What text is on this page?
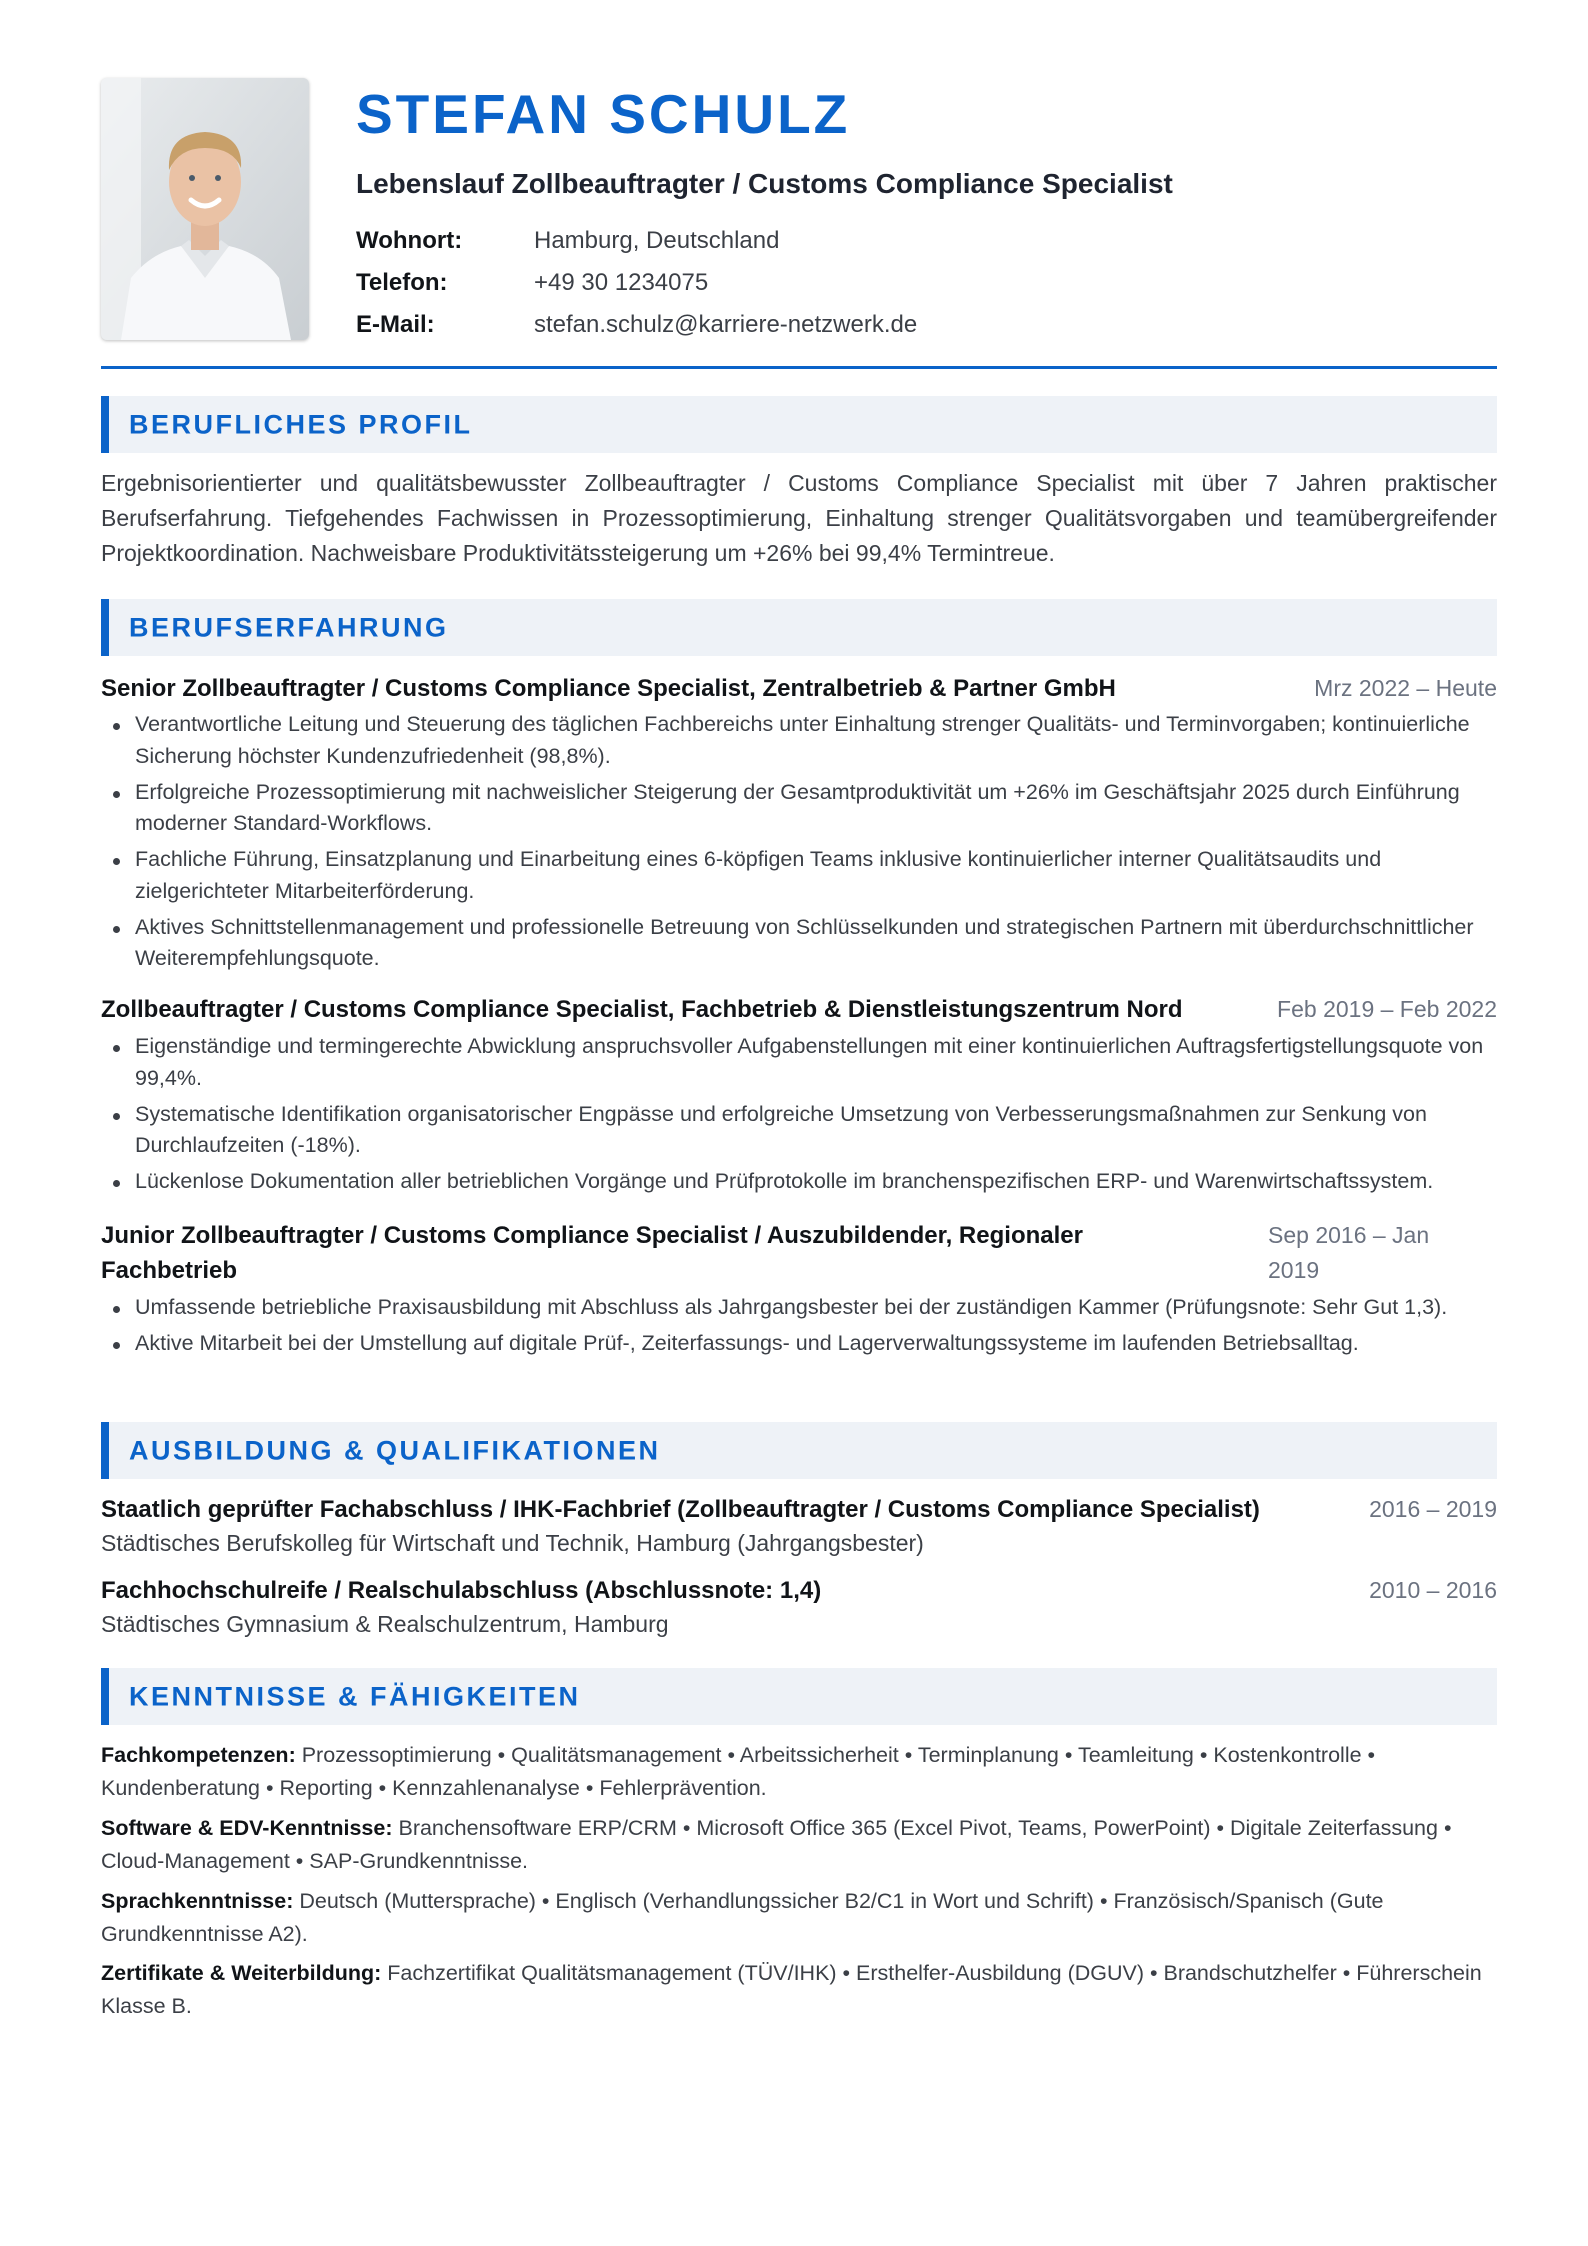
STEFAN SCHULZ
Lebenslauf Zollbeauftragter / Customs Compliance Specialist
Wohnort:	Hamburg, Deutschland
Telefon:	+49 30 1234075
E-Mail:	stefan.schulz@karriere-netzwerk.de
BERUFLICHES PROFIL

Ergebnisorientierter und qualitätsbewusster Zollbeauftragter / Customs Compliance Specialist mit über 7 Jahren praktischer Berufserfahrung. Tiefgehendes Fachwissen in Prozessoptimierung, Einhaltung strenger Qualitätsvorgaben und teamübergreifender Projektkoordination. Nachweisbare Produktivitätssteigerung um +26% bei 99,4% Termintreue.

BERUFSERFAHRUNG
Senior Zollbeauftragter / Customs Compliance Specialist, Zentralbetrieb & Partner GmbH	Mrz 2022 – Heute
Verantwortliche Leitung und Steuerung des täglichen Fachbereichs unter Einhaltung strenger Qualitäts- und Terminvorgaben; kontinuierliche Sicherung höchster Kundenzufriedenheit (98,8%).
Erfolgreiche Prozessoptimierung mit nachweislicher Steigerung der Gesamtproduktivität um +26% im Geschäftsjahr 2025 durch Einführung moderner Standard-Workflows.
Fachliche Führung, Einsatzplanung und Einarbeitung eines 6-köpfigen Teams inklusive kontinuierlicher interner Qualitätsaudits und zielgerichteter Mitarbeiterförderung.
Aktives Schnittstellenmanagement und professionelle Betreuung von Schlüsselkunden und strategischen Partnern mit überdurchschnittlicher Weiterempfehlungsquote.
Zollbeauftragter / Customs Compliance Specialist, Fachbetrieb & Dienstleistungszentrum Nord	Feb 2019 – Feb 2022
Eigenständige und termingerechte Abwicklung anspruchsvoller Aufgabenstellungen mit einer kontinuierlichen Auftragsfertigstellungsquote von 99,4%.
Systematische Identifikation organisatorischer Engpässe und erfolgreiche Umsetzung von Verbesserungsmaßnahmen zur Senkung von Durchlaufzeiten (-18%).
Lückenlose Dokumentation aller betrieblichen Vorgänge und Prüfprotokolle im branchenspezifischen ERP- und Warenwirtschaftssystem.
Junior Zollbeauftragter / Customs Compliance Specialist / Auszubildender, Regionaler Fachbetrieb
Sep 2016 – Jan 2019
Umfassende betriebliche Praxisausbildung mit Abschluss als Jahrgangsbester bei der zuständigen Kammer (Prüfungsnote: Sehr Gut 1,3).
Aktive Mitarbeit bei der Umstellung auf digitale Prüf-, Zeiterfassungs- und Lagerverwaltungssysteme im laufenden Betriebsalltag.
AUSBILDUNG & QUALIFIKATIONEN
Staatlich geprüfter Fachabschluss / IHK-Fachbrief (Zollbeauftragter / Customs Compliance Specialist)	2016 – 2019
Städtisches Berufskolleg für Wirtschaft und Technik, Hamburg (Jahrgangsbester)
Fachhochschulreife / Realschulabschluss (Abschlussnote: 1,4)	2010 – 2016
Städtisches Gymnasium & Realschulzentrum, Hamburg
KENNTNISSE & FÄHIGKEITEN

Fachkompetenzen: Prozessoptimierung • Qualitätsmanagement • Arbeitssicherheit • Terminplanung • Teamleitung • Kostenkontrolle • Kundenberatung • Reporting • Kennzahlenanalyse • Fehlerprävention.

Software & EDV-Kenntnisse: Branchensoftware ERP/CRM • Microsoft Office 365 (Excel Pivot, Teams, PowerPoint) • Digitale Zeiterfassung • Cloud-Management • SAP-Grundkenntnisse.

Sprachkenntnisse: Deutsch (Muttersprache) • Englisch (Verhandlungssicher B2/C1 in Wort und Schrift) • Französisch/Spanisch (Gute Grundkenntnisse A2).

Zertifikate & Weiterbildung: Fachzertifikat Qualitätsmanagement (TÜV/IHK) • Ersthelfer-Ausbildung (DGUV) • Brandschutzhelfer • Führerschein Klasse B.
